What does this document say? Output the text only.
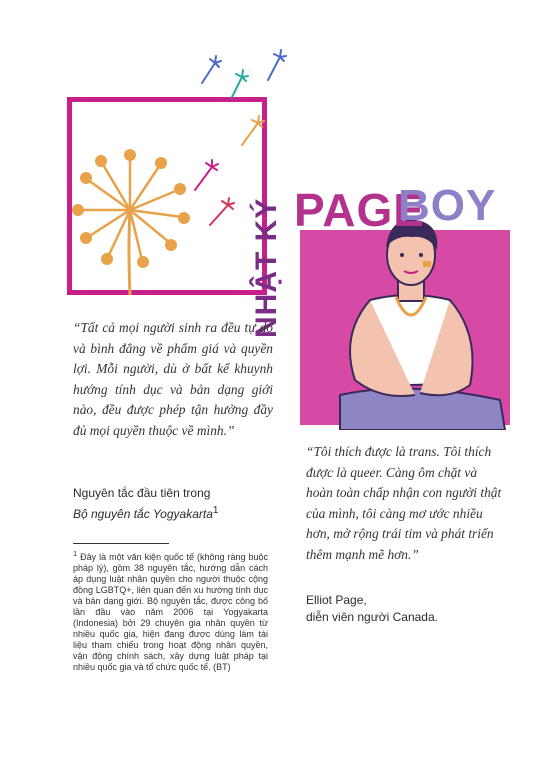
PAGE
BOY
NHẬT KÝ
“Tất cả mọi người sinh ra đều tự do và bình đẳng về phẩm giá và quyền lợi. Mỗi người, dù ở bất kể khuynh hướng tính dục và bản dạng giới nào, đều được phép tận hưởng đầy đủ mọi quyền thuộc về mình.”
Nguyên tắc đầu tiên trong
Bộ nguyên tắc Yogyakarta$^1$
$^1$ Đây là một văn kiện quốc tế (không ràng buộc pháp lý), gồm 38 nguyên tắc, hướng dẫn cách áp dụng luật nhân quyền cho người thuộc cộng đồng LGBTQ+, liên quan đến xu hướng tính dục và bản dạng giới. Bộ nguyên tắc, được công bố lần đầu vào năm 2006 tại Yogyakarta (Indonesia) bởi 29 chuyên gia nhân quyền từ nhiều quốc gia, hiện đang được dùng làm tài liệu tham chiếu trong hoạt động nhân quyền, vận động chính sách, xây dựng luật pháp tại nhiều quốc gia và tổ chức quốc tế. (BT)
“Tôi thích được là trans. Tôi thích được là queer. Càng ôm chặt và hoàn toàn chấp nhận con người thật của mình, tôi càng mơ ước nhiều hơn, mở rộng trái tim và phát triển thêm mạnh mẽ hơn.”
Elliot Page,
diễn viên người Canada.
